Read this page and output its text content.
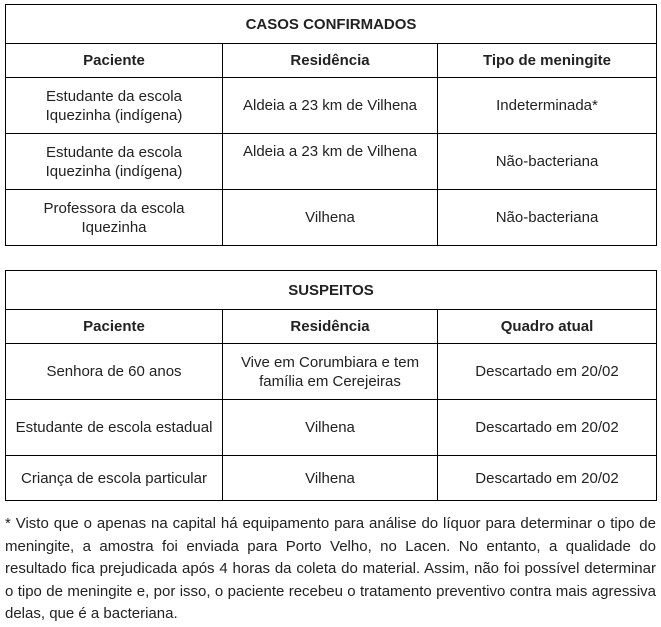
CASOS CONFIRMADOS		
Paciente	Residência	Tipo de meningite
Estudante da escola Iquezinha (indígena)	Aldeia a 23 km de Vilhena	Indeterminada*
Estudante da escola Iquezinha (indígena)	Aldeia a 23 km de Vilhena	Não-bacteriana
Professora da escola Iquezinha	Vilhena	Não-bacteriana
SUSPEITOS		
Paciente	Residência	Quadro atual
Senhora de 60 anos	Vive em Corumbiara e tem família em Cerejeiras	Descartado em 20/02
Estudante de escola estadual	Vilhena	Descartado em 20/02
Criança de escola particular	Vilhena	Descartado em 20/02

* Visto que o apenas na capital há equipamento para análise do líquor para determinar o tipo de meningite, a amostra foi enviada para Porto Velho, no Lacen. No entanto, a qualidade do resultado fica prejudicada após 4 horas da coleta do material. Assim, não foi possível determinar o tipo de meningite e, por isso, o paciente recebeu o tratamento preventivo contra mais agressiva delas, que é a bacteriana.
